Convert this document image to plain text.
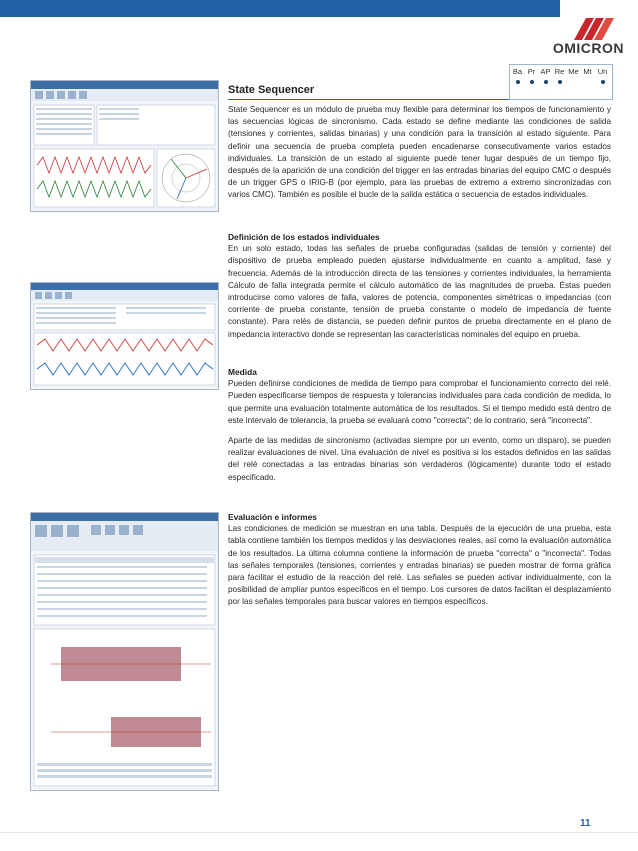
OMICRON
State Sequencer
Ba Pr AP Re Me Mt Un

State Sequencer es un módulo de prueba muy flexible para determinar los tiempos de funcionamiento y las secuencias lógicas de sincronismo. Cada estado se define mediante las condiciones de salida (tensiones y corrientes, salidas binarias) y una condición para la transición al estado siguiente. Para definir una secuencia de prueba completa pueden encadenarse consecutivamente varios estados individuales. La transición de un estado al siguiente puede tener lugar después de un tiempo fijo, después de la aparición de una condición del trigger en las entradas binarias del equipo CMC o después de un trigger GPS o IRIG-B (por ejemplo, para las pruebas de extremo a extremo sincronizadas con varios CMC). También es posible el bucle de la salida estática o secuencia de estados individuales.

Definición de los estados individuales

En un solo estado, todas las señales de prueba configuradas (salidas de tensión y corriente) del dispositivo de prueba empleado pueden ajustarse individualmente en cuanto a amplitud, fase y frecuencia. Además de la introducción directa de las tensiones y corrientes individuales, la herramienta Cálculo de falla integrada permite el cálculo automático de las magnitudes de prueba. Éstas pueden introducirse como valores de falla, valores de potencia, componentes simétricas o impedancias (con corriente de prueba constante, tensión de prueba constante o modelo de impedancia de fuente constante). Para relés de distancia, se pueden definir puntos de prueba directamente en el plano de impedancia interactivo donde se representan las características nominales del equipo en prueba.

Medida

Pueden definirse condiciones de medida de tiempo para comprobar el funcionamiento correcto del relé. Pueden especificarse tiempos de respuesta y tolerancias individuales para cada condición de medida, lo que permite una evaluación totalmente automática de los resultados. Si el tiempo medido está dentro de este intervalo de tolerancia, la prueba se evaluará como "correcta"; de lo contrario, será "incorrecta".

Aparte de las medidas de sincronismo (activadas siempre por un evento, como un disparo), se pueden realizar evaluaciones de nivel. Una evaluación de nivel es positiva si los estados definidos en las salidas del relé conectadas a las entradas binarias son verdaderos (lógicamente) durante todo el estado especificado.

Evaluación e informes

Las condiciones de medición se muestran en una tabla. Después de la ejecución de una prueba, esta tabla contiene también los tiempos medidos y las desviaciones reales, así como la evaluación automática de los resultados. La última columna contiene la información de prueba "correcta" o "incorrecta". Todas las señales temporales (tensiones, corrientes y entradas binarias) se pueden mostrar de forma gráfica para facilitar el estudio de la reacción del relé. Las señales se pueden activar individualmente, con la posibilidad de ampliar puntos específicos en el tiempo. Los cursores de datos facilitan el desplazamiento por las señales temporales para buscar valores en tiempos específicos.

11
